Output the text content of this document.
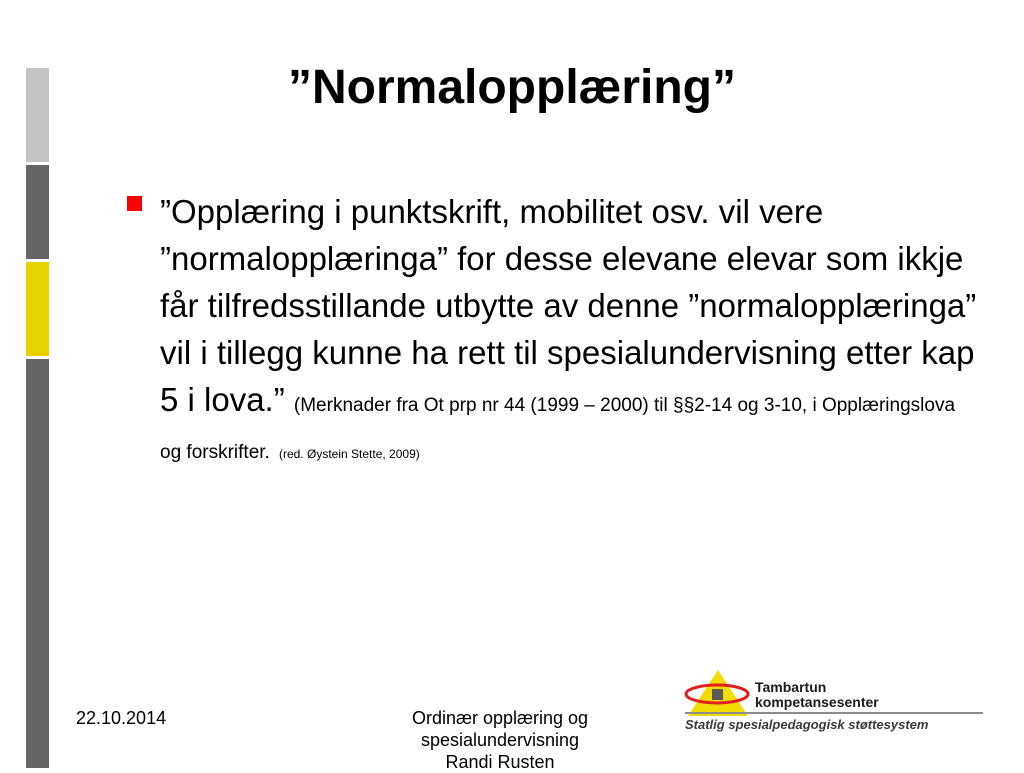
”Normalopplæring”
”Opplæring i punktskrift, mobilitet osv. vil vere ”normalopplæringa” for desse elevane elevar som ikkje får tilfredsstillande utbytte av denne ”normalopplæringa” vil i tillegg kunne ha rett til spesialundervisning etter kap 5 i lova.” (Merknader fra Ot prp nr 44 (1999 – 2000) til §§2-14 og 3-10, i Opplæringslova og forskrifter. (red. Øystein Stette, 2009)
22.10.2014	Ordinær opplæring og
spesialundervisning
Randi Rusten
Tambartun
kompetansesenter
Statlig spesialpedagogisk støttesystem
